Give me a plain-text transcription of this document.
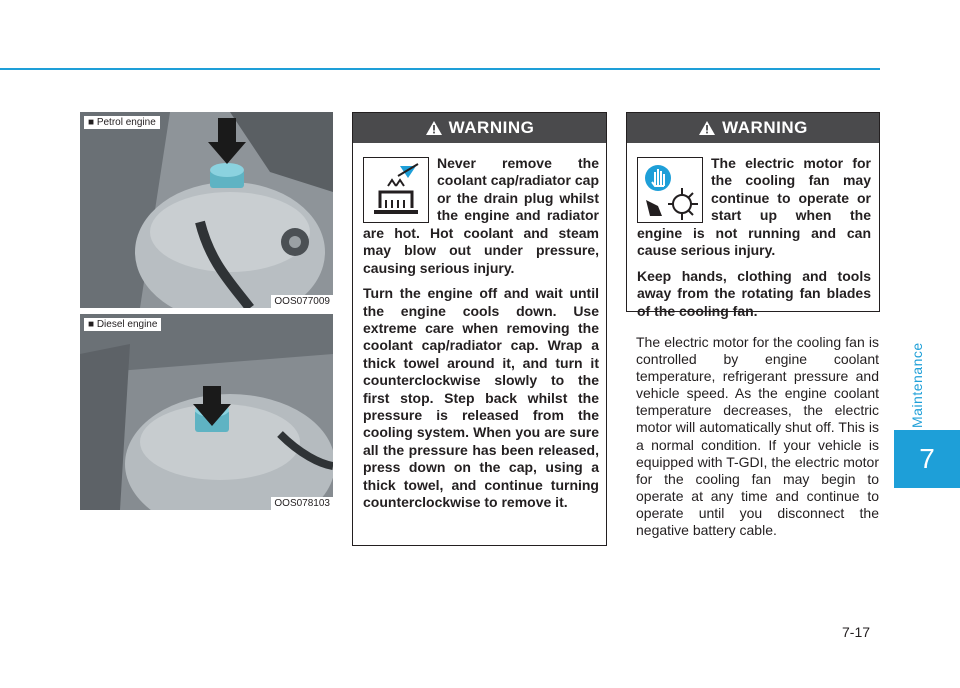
Maintenance
7
7-17
■ Petrol engine
OOS077009
■ Diesel engine
OOS078103
WARNING

Never remove the coolant cap/radiator cap or the drain plug whilst the engine and radiator

are hot. Hot coolant and steam may blow out under pressure, causing serious injury.

Turn the engine off and wait until the engine cools down. Use extreme care when removing the coolant cap/radiator cap. Wrap a thick towel around it, and turn it counterclockwise slowly to the first stop. Step back whilst the pressure is released from the cooling system. When you are sure all the pressure has been released, press down on the cap, using a thick towel, and continue turning counterclockwise to remove it.

WARNING

The electric motor for the cooling fan may continue to operate or start up when the

engine is not running and can cause serious injury.

Keep hands, clothing and tools away from the rotating fan blades of the cooling fan.

The electric motor for the cooling fan is controlled by engine coolant temperature, refrigerant pressure and vehicle speed. As the engine coolant temperature decreases, the electric motor will automatically shut off. This is a normal condition. If your vehicle is equipped with T-GDI, the electric motor for the cooling fan may begin to operate at any time and continue to operate until you disconnect the negative battery cable.
